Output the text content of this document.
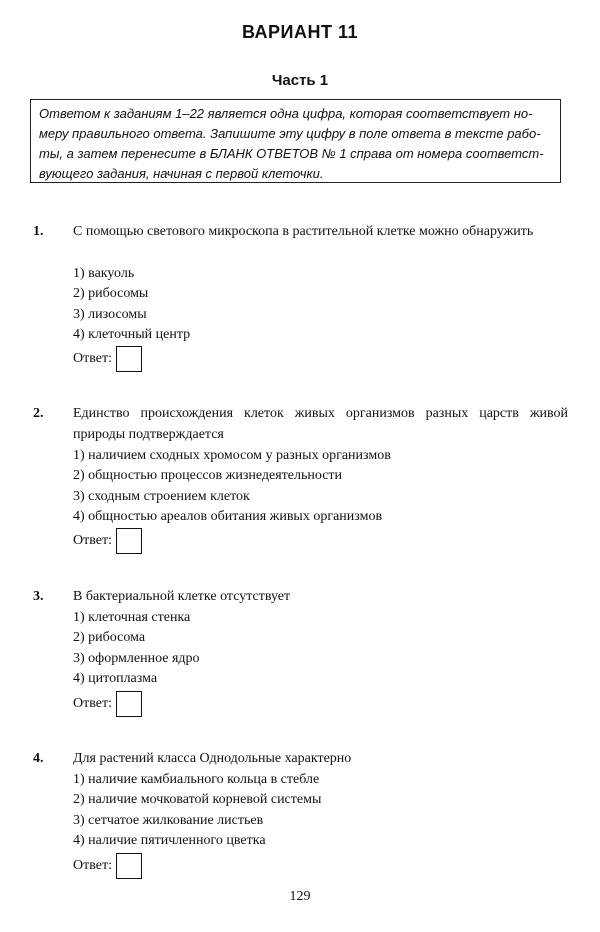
ВАРИАНТ 11
Часть 1
Ответом к заданиям 1–22 является одна цифра, которая соответствует но-
меру правильного ответа. Запишите эту цифру в поле ответа в тексте рабо-
ты, а затем перенесите в БЛАНК ОТВЕТОВ № 1 справа от номера соответст-
вующего задания, начиная с первой клеточки.
1. С помощью светового микроскопа в растительной клетке можно обнаружить
1) вакуоль
2) рибосомы
3) лизосомы
4) клеточный центр
Ответ:
2. Единство происхождения клеток живых организмов разных царств живой природы подтверждается
1) наличием сходных хромосом у разных организмов
2) общностью процессов жизнедеятельности
3) сходным строением клеток
4) общностью ареалов обитания живых организмов
Ответ:
3. В бактериальной клетке отсутствует
1) клеточная стенка
2) рибосома
3) оформленное ядро
4) цитоплазма
Ответ:
4. Для растений класса Однодольные характерно
1) наличие камбиального кольца в стебле
2) наличие мочковатой корневой системы
3) сетчатое жилкование листьев
4) наличие пятичленного цветка
Ответ:
129
